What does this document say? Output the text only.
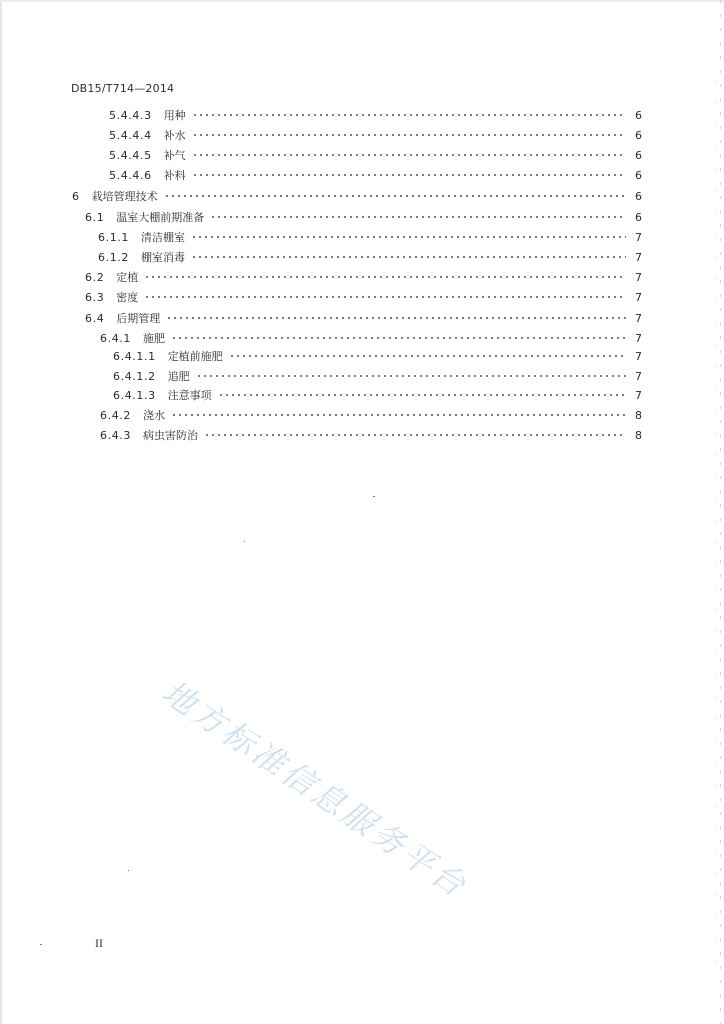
DB15/T714—2014
5.4.4.3 用种	6
5.4.4.4 补水	6
5.4.4.5 补气	6
5.4.4.6 补料	6
6 栽培管理技术	6
6.1 温室大棚前期准备	6
6.1.1 清洁棚室	7
6.1.2 棚室消毒	7
6.2 定植	7
6.3 密度	7
6.4 后期管理	7
6.4.1 施肥	7
6.4.1.1 定植前施肥	7
6.4.1.2 追肥	7
6.4.1.3 注意事项	7
6.4.2 浇水	8
6.4.3 病虫害防治	8
地方标准信息服务平台
II
